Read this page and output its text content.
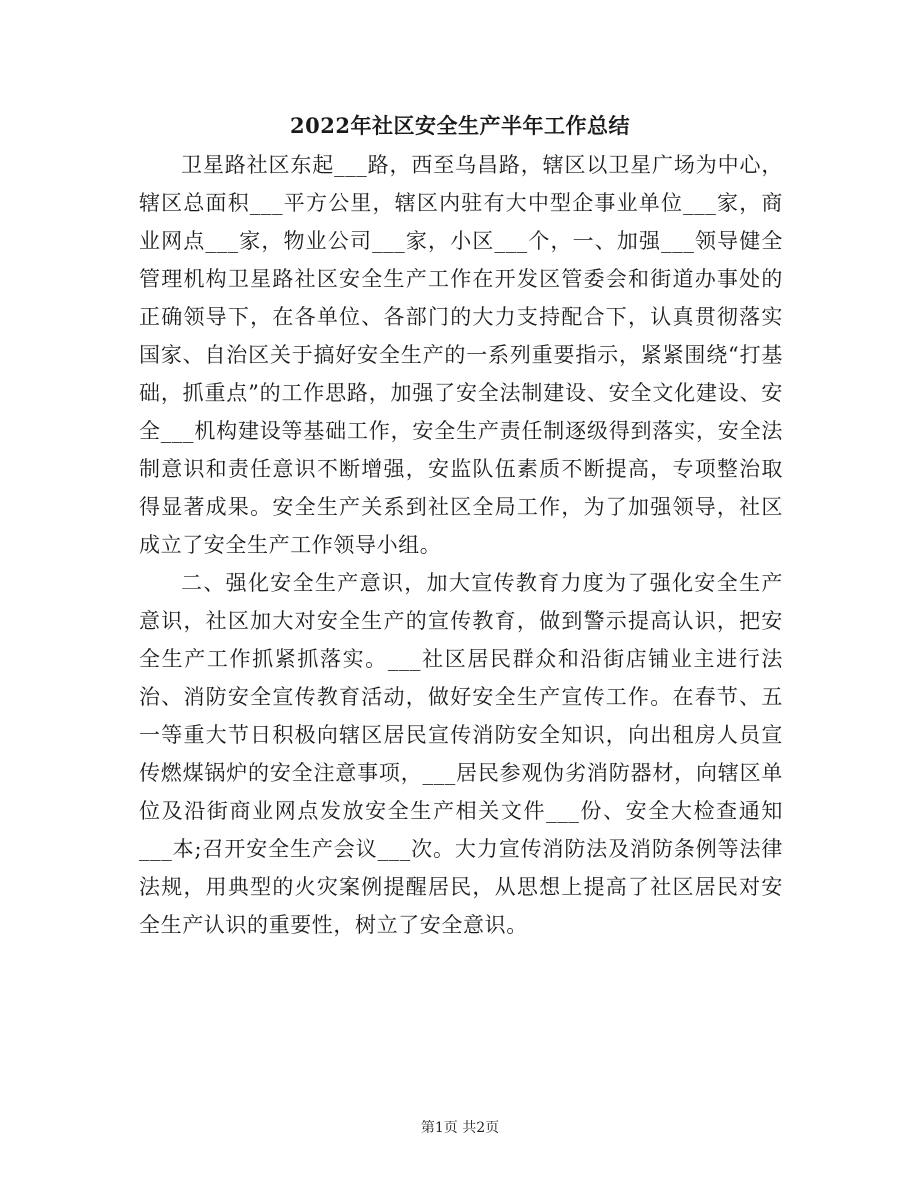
2022年社区安全生产半年工作总结

卫星路社区东起___路，西至乌昌路，辖区以卫星广场为中心，辖区总面积___平方公里，辖区内驻有大中型企事业单位___家，商业网点___家，物业公司___家，小区___个，一、加强___领导健全管理机构卫星路社区安全生产工作在开发区管委会和街道办事处的正确领导下，在各单位、各部门的大力支持配合下，认真贯彻落实国家、自治区关于搞好安全生产的一系列重要指示，紧紧围绕“打基础，抓重点”的工作思路，加强了安全法制建设、安全文化建设、安全___机构建设等基础工作，安全生产责任制逐级得到落实，安全法制意识和责任意识不断增强，安监队伍素质不断提高，专项整治取得显著成果。安全生产关系到社区全局工作，为了加强领导，社区成立了安全生产工作领导小组。

二、强化安全生产意识，加大宣传教育力度为了强化安全生产意识，社区加大对安全生产的宣传教育，做到警示提高认识，把安全生产工作抓紧抓落实。___社区居民群众和沿街店铺业主进行法治、消防安全宣传教育活动，做好安全生产宣传工作。在春节、五一等重大节日积极向辖区居民宣传消防安全知识，向出租房人员宣传燃煤锅炉的安全注意事项，___居民参观伪劣消防器材，向辖区单位及沿街商业网点发放安全生产相关文件___份、安全大检查通知___本;召开安全生产会议___次。大力宣传消防法及消防条例等法律法规，用典型的火灾案例提醒居民，从思想上提高了社区居民对安全生产认识的重要性，树立了安全意识。

第1页 共2页
